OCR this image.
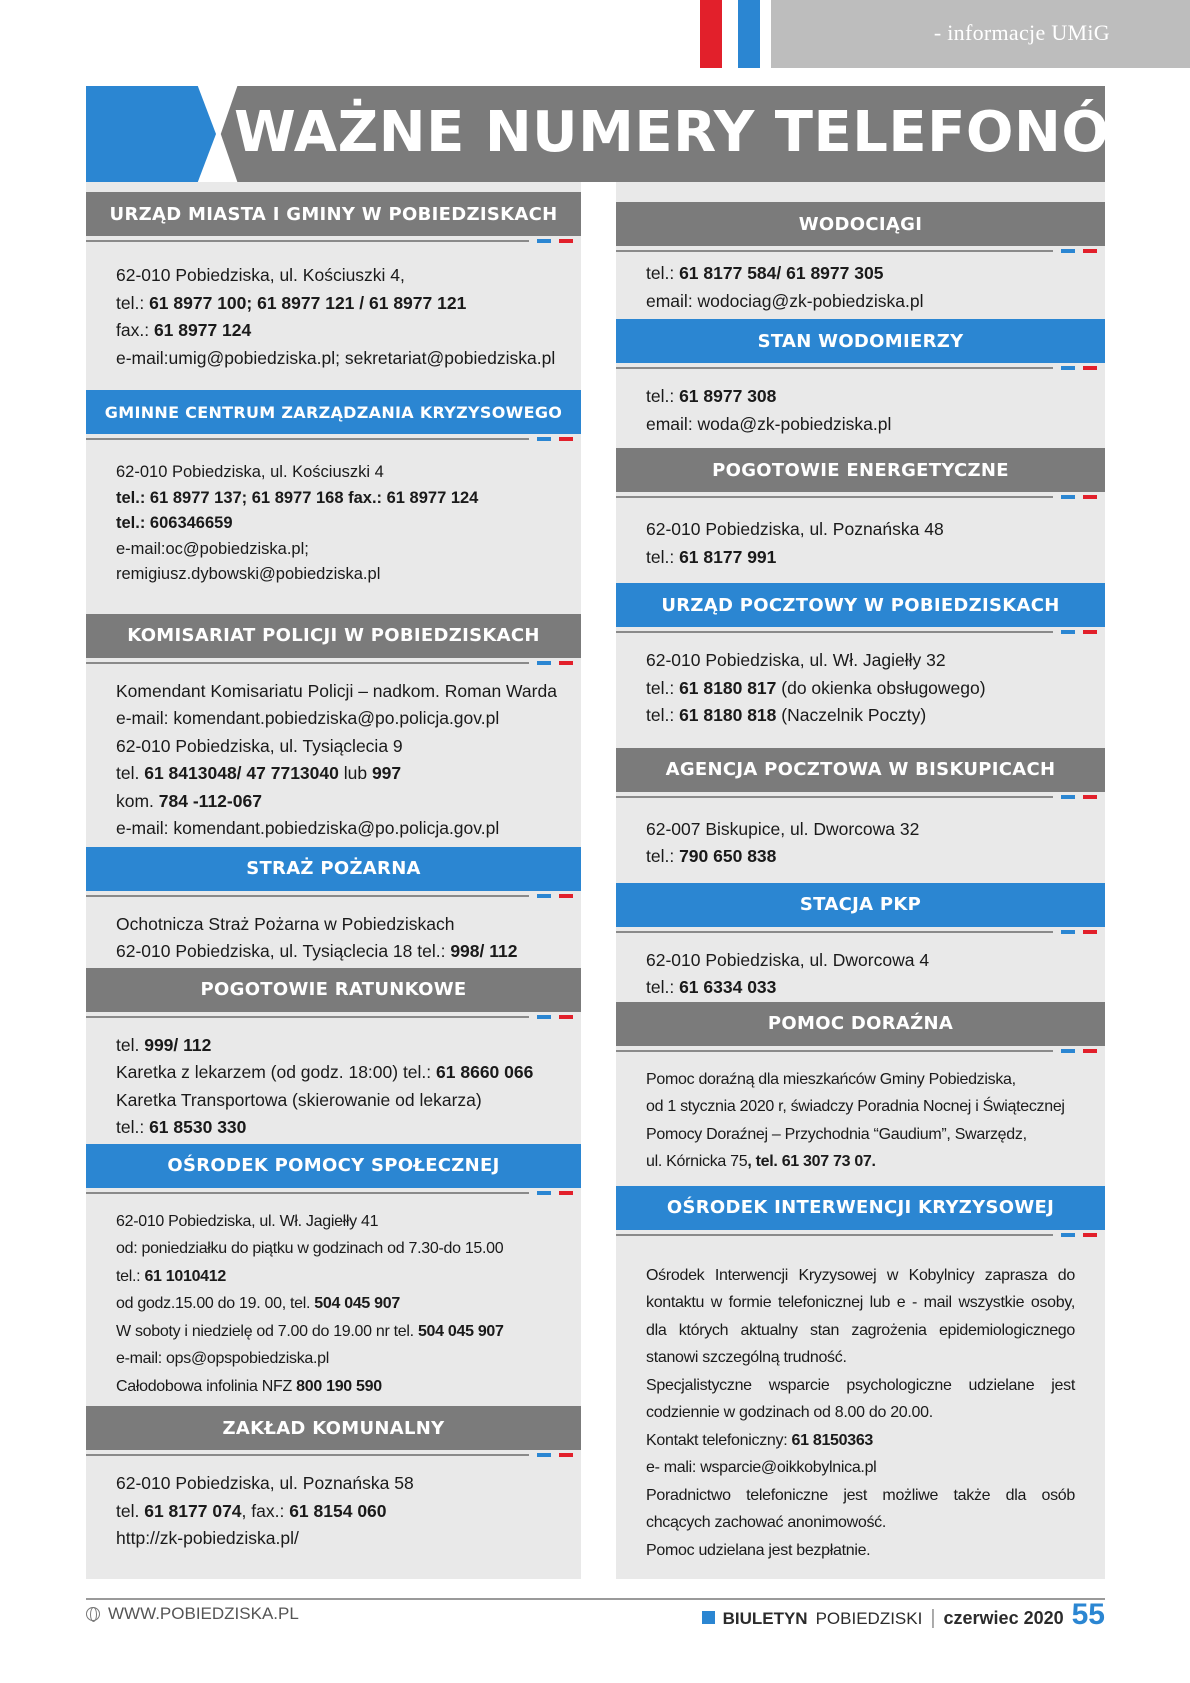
- informacje UMiG
WAŻNE NUMERY TELEFONÓW
URZĄD MIASTA I GMINY W POBIEDZISKACH
62-010 Pobiedziska, ul. Kościuszki 4,
tel.: 61 8977 100; 61 8977 121 / 61 8977 121
fax.: 61 8977 124
e-mail:umig@pobiedziska.pl; sekretariat@pobiedziska.pl
GMINNE CENTRUM ZARZĄDZANIA KRYZYSOWEGO
62-010 Pobiedziska, ul. Kościuszki 4
tel.: 61 8977 137; 61 8977 168 fax.: 61 8977 124
tel.: 606346659
e-mail:oc@pobiedziska.pl;
remigiusz.dybowski@pobiedziska.pl
KOMISARIAT POLICJI W POBIEDZISKACH
Komendant Komisariatu Policji – nadkom. Roman Warda
e-mail: komendant.pobiedziska@po.policja.gov.pl
62-010 Pobiedziska, ul. Tysiąclecia 9
tel. 61 8413048/ 47 7713040 lub 997
kom. 784 -112-067
e-mail: komendant.pobiedziska@po.policja.gov.pl
STRAŻ POŻARNA
Ochotnicza Straż Pożarna w Pobiedziskach
62-010 Pobiedziska, ul. Tysiąclecia 18 tel.: 998/ 112
POGOTOWIE RATUNKOWE
tel. 999/ 112
Karetka z lekarzem (od godz. 18:00) tel.: 61 8660 066
Karetka Transportowa (skierowanie od lekarza)
tel.: 61 8530 330
OŚRODEK POMOCY SPOŁECZNEJ
62-010 Pobiedziska, ul. Wł. Jagiełły 41
od: poniedziałku do piątku w godzinach od 7.30-do 15.00
tel.: 61 1010412
od godz.15.00 do 19. 00, tel. 504 045 907
W soboty i niedzielę od 7.00 do 19.00 nr tel. 504 045 907
e-mail: ops@opspobiedziska.pl
Całodobowa infolinia NFZ 800 190 590
ZAKŁAD KOMUNALNY
62-010 Pobiedziska, ul. Poznańska 58
tel. 61 8177 074, fax.: 61 8154 060
http://zk-pobiedziska.pl/
WODOCIĄGI
tel.: 61 8177 584/ 61 8977 305
email: wodociag@zk-pobiedziska.pl
STAN WODOMIERZY
tel.: 61 8977 308
email: woda@zk-pobiedziska.pl
POGOTOWIE ENERGETYCZNE
62-010 Pobiedziska, ul. Poznańska 48
tel.: 61 8177 991
URZĄD POCZTOWY W POBIEDZISKACH
62-010 Pobiedziska, ul. Wł. Jagiełły 32
tel.: 61 8180 817 (do okienka obsługowego)
tel.: 61 8180 818 (Naczelnik Poczty)
AGENCJA POCZTOWA W BISKUPICACH
62-007 Biskupice, ul. Dworcowa 32
tel.: 790 650 838
STACJA PKP
62-010 Pobiedziska, ul. Dworcowa 4
tel.: 61 6334 033
POMOC DORAŹNA
Pomoc doraźną dla mieszkańców Gminy Pobiedziska,
od 1 stycznia 2020 r, świadczy Poradnia Nocnej i Świątecznej
Pomocy Doraźnej – Przychodnia “Gaudium”, Swarzędz,
ul. Kórnicka 75, tel. 61 307 73 07.
OŚRODEK INTERWENCJI KRYZYSOWEJ
Ośrodek Interwencji Kryzysowej w Kobylnicy zaprasza do kontaktu w formie telefonicznej lub e - mail wszystkie osoby, dla których aktualny stan zagrożenia epidemiologicznego stanowi szczególną trudność.
Specjalistyczne wsparcie psychologiczne udzielane jest codziennie w godzinach od 8.00 do 20.00.
Kontakt telefoniczny: 61 8150363
e- mali: wsparcie@oikkobylnica.pl
Poradnictwo telefoniczne jest możliwe także dla osób chcących zachować anonimowość.
Pomoc udzielana jest bezpłatnie.
WWW.POBIEDZISKA.PL	BIULETYN POBIEDZISKI | czerwiec 2020 55
